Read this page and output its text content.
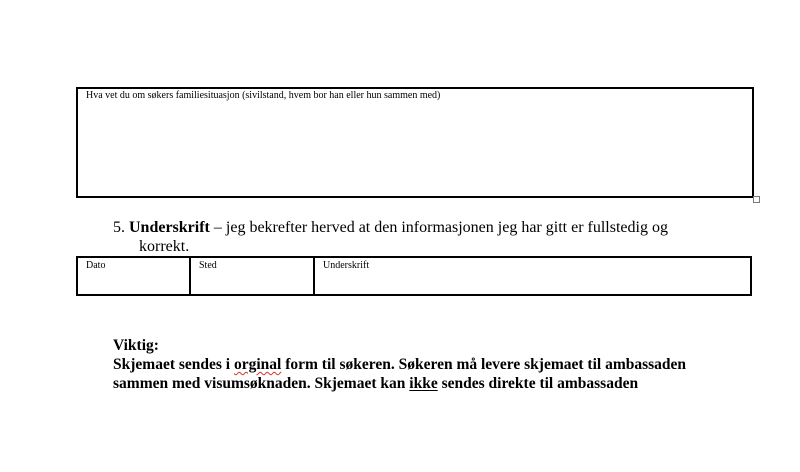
Hva vet du om søkers familiesituasjon (sivilstand, hvem bor han eller hun sammen med)
5. Underskrift – jeg bekrefter herved at den informasjonen jeg har gitt er fullstedig og
korrekt.
Dato	Sted	Underskrift
Viktig:
Skjemaet sendes i orginal form til søkeren. Søkeren må levere skjemaet til ambassaden
sammen med visumsøknaden. Skjemaet kan ikke sendes direkte til ambassaden
